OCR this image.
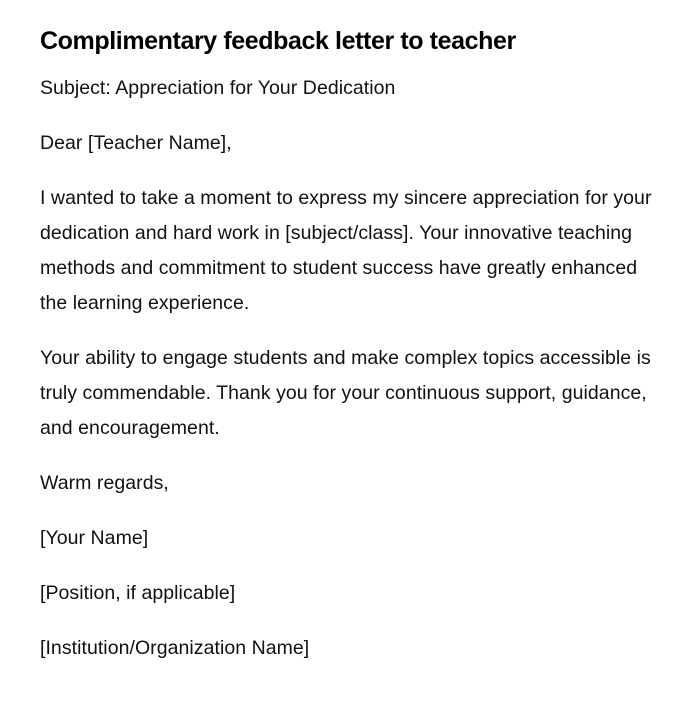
Complimentary feedback letter to teacher

Subject: Appreciation for Your Dedication

Dear [Teacher Name],

I wanted to take a moment to express my sincere appreciation for your dedication and hard work in [subject/class]. Your innovative teaching methods and commitment to student success have greatly enhanced the learning experience.

Your ability to engage students and make complex topics accessible is truly commendable. Thank you for your continuous support, guidance, and encouragement.

Warm regards,

[Your Name]

[Position, if applicable]

[Institution/Organization Name]
